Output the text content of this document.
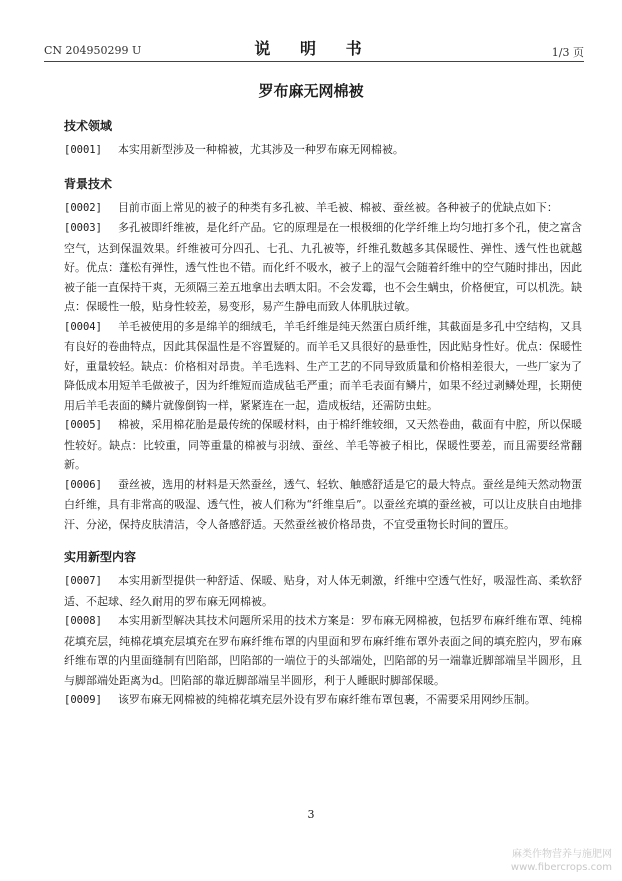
CN 204950299 U	说 明 书	1/3 页
罗布麻无网棉被
技术领域
[0001] 本实用新型涉及一种棉被，尤其涉及一种罗布麻无网棉被。
背景技术
[0002] 目前市面上常见的被子的种类有多孔被、羊毛被、棉被、蚕丝被。各种被子的优缺点如下：
[0003] 多孔被即纤维被，是化纤产品。它的原理是在一根极细的化学纤维上均匀地打多个孔，使之富含空气，达到保温效果。纤维被可分四孔、七孔、九孔被等，纤维孔数越多其保暖性、弹性、透气性也就越好。优点：蓬松有弹性，透气性也不错。而化纤不吸水，被子上的湿气会随着纤维中的空气随时排出，因此被子能一直保持干爽，无须隔三差五地拿出去晒太阳。不会发霉，也不会生螨虫，价格便宜，可以机洗。缺点：保暖性一般，贴身性较差，易变形，易产生静电而致人体肌肤过敏。
[0004] 羊毛被使用的多是绵羊的细绒毛，羊毛纤维是纯天然蛋白质纤维，其截面是多孔中空结构，又具有良好的卷曲特点，因此其保温性是不容置疑的。而羊毛又具很好的悬垂性，因此贴身性好。优点：保暖性好，重量较轻。缺点：价格相对昂贵。羊毛选料、生产工艺的不同导致质量和价格相差很大，一些厂家为了降低成本用短羊毛做被子，因为纤维短而造成毡毛严重；而羊毛表面有鳞片，如果不经过剥鳞处理，长期使用后羊毛表面的鳞片就像倒钩一样，紧紧连在一起，造成板结，还需防虫蛀。
[0005] 棉被，采用棉花胎是最传统的保暖材料，由于棉纤维较细，又天然卷曲，截面有中腔，所以保暖性较好。缺点：比较重，同等重量的棉被与羽绒、蚕丝、羊毛等被子相比，保暖性要差，而且需要经常翻新。
[0006] 蚕丝被，选用的材料是天然蚕丝，透气、轻软、触感舒适是它的最大特点。蚕丝是纯天然动物蛋白纤维，具有非常高的吸湿、透气性，被人们称为“纤维皇后”。以蚕丝充填的蚕丝被，可以让皮肤自由地排汗、分泌，保持皮肤清洁，令人备感舒适。天然蚕丝被价格昂贵，不宜受重物长时间的置压。
实用新型内容
[0007] 本实用新型提供一种舒适、保暖、贴身，对人体无刺激，纤维中空透气性好，吸湿性高、柔软舒适、不起球、经久耐用的罗布麻无网棉被。
[0008] 本实用新型解决其技术问题所采用的技术方案是：罗布麻无网棉被，包括罗布麻纤维布罩、纯棉花填充层，纯棉花填充层填充在罗布麻纤维布罩的内里面和罗布麻纤维布罩外表面之间的填充腔内，罗布麻纤维布罩的内里面缝制有凹陷部，凹陷部的一端位于的头部端处，凹陷部的另一端靠近脚部端呈半圆形，且与脚部端处距离为d。凹陷部的靠近脚部端呈半圆形，利于人睡眠时脚部保暖。
[0009] 该罗布麻无网棉被的纯棉花填充层外设有罗布麻纤维布罩包裹，不需要采用网纱压制。
3
麻类作物营养与施肥网
www.fibercrops.com
